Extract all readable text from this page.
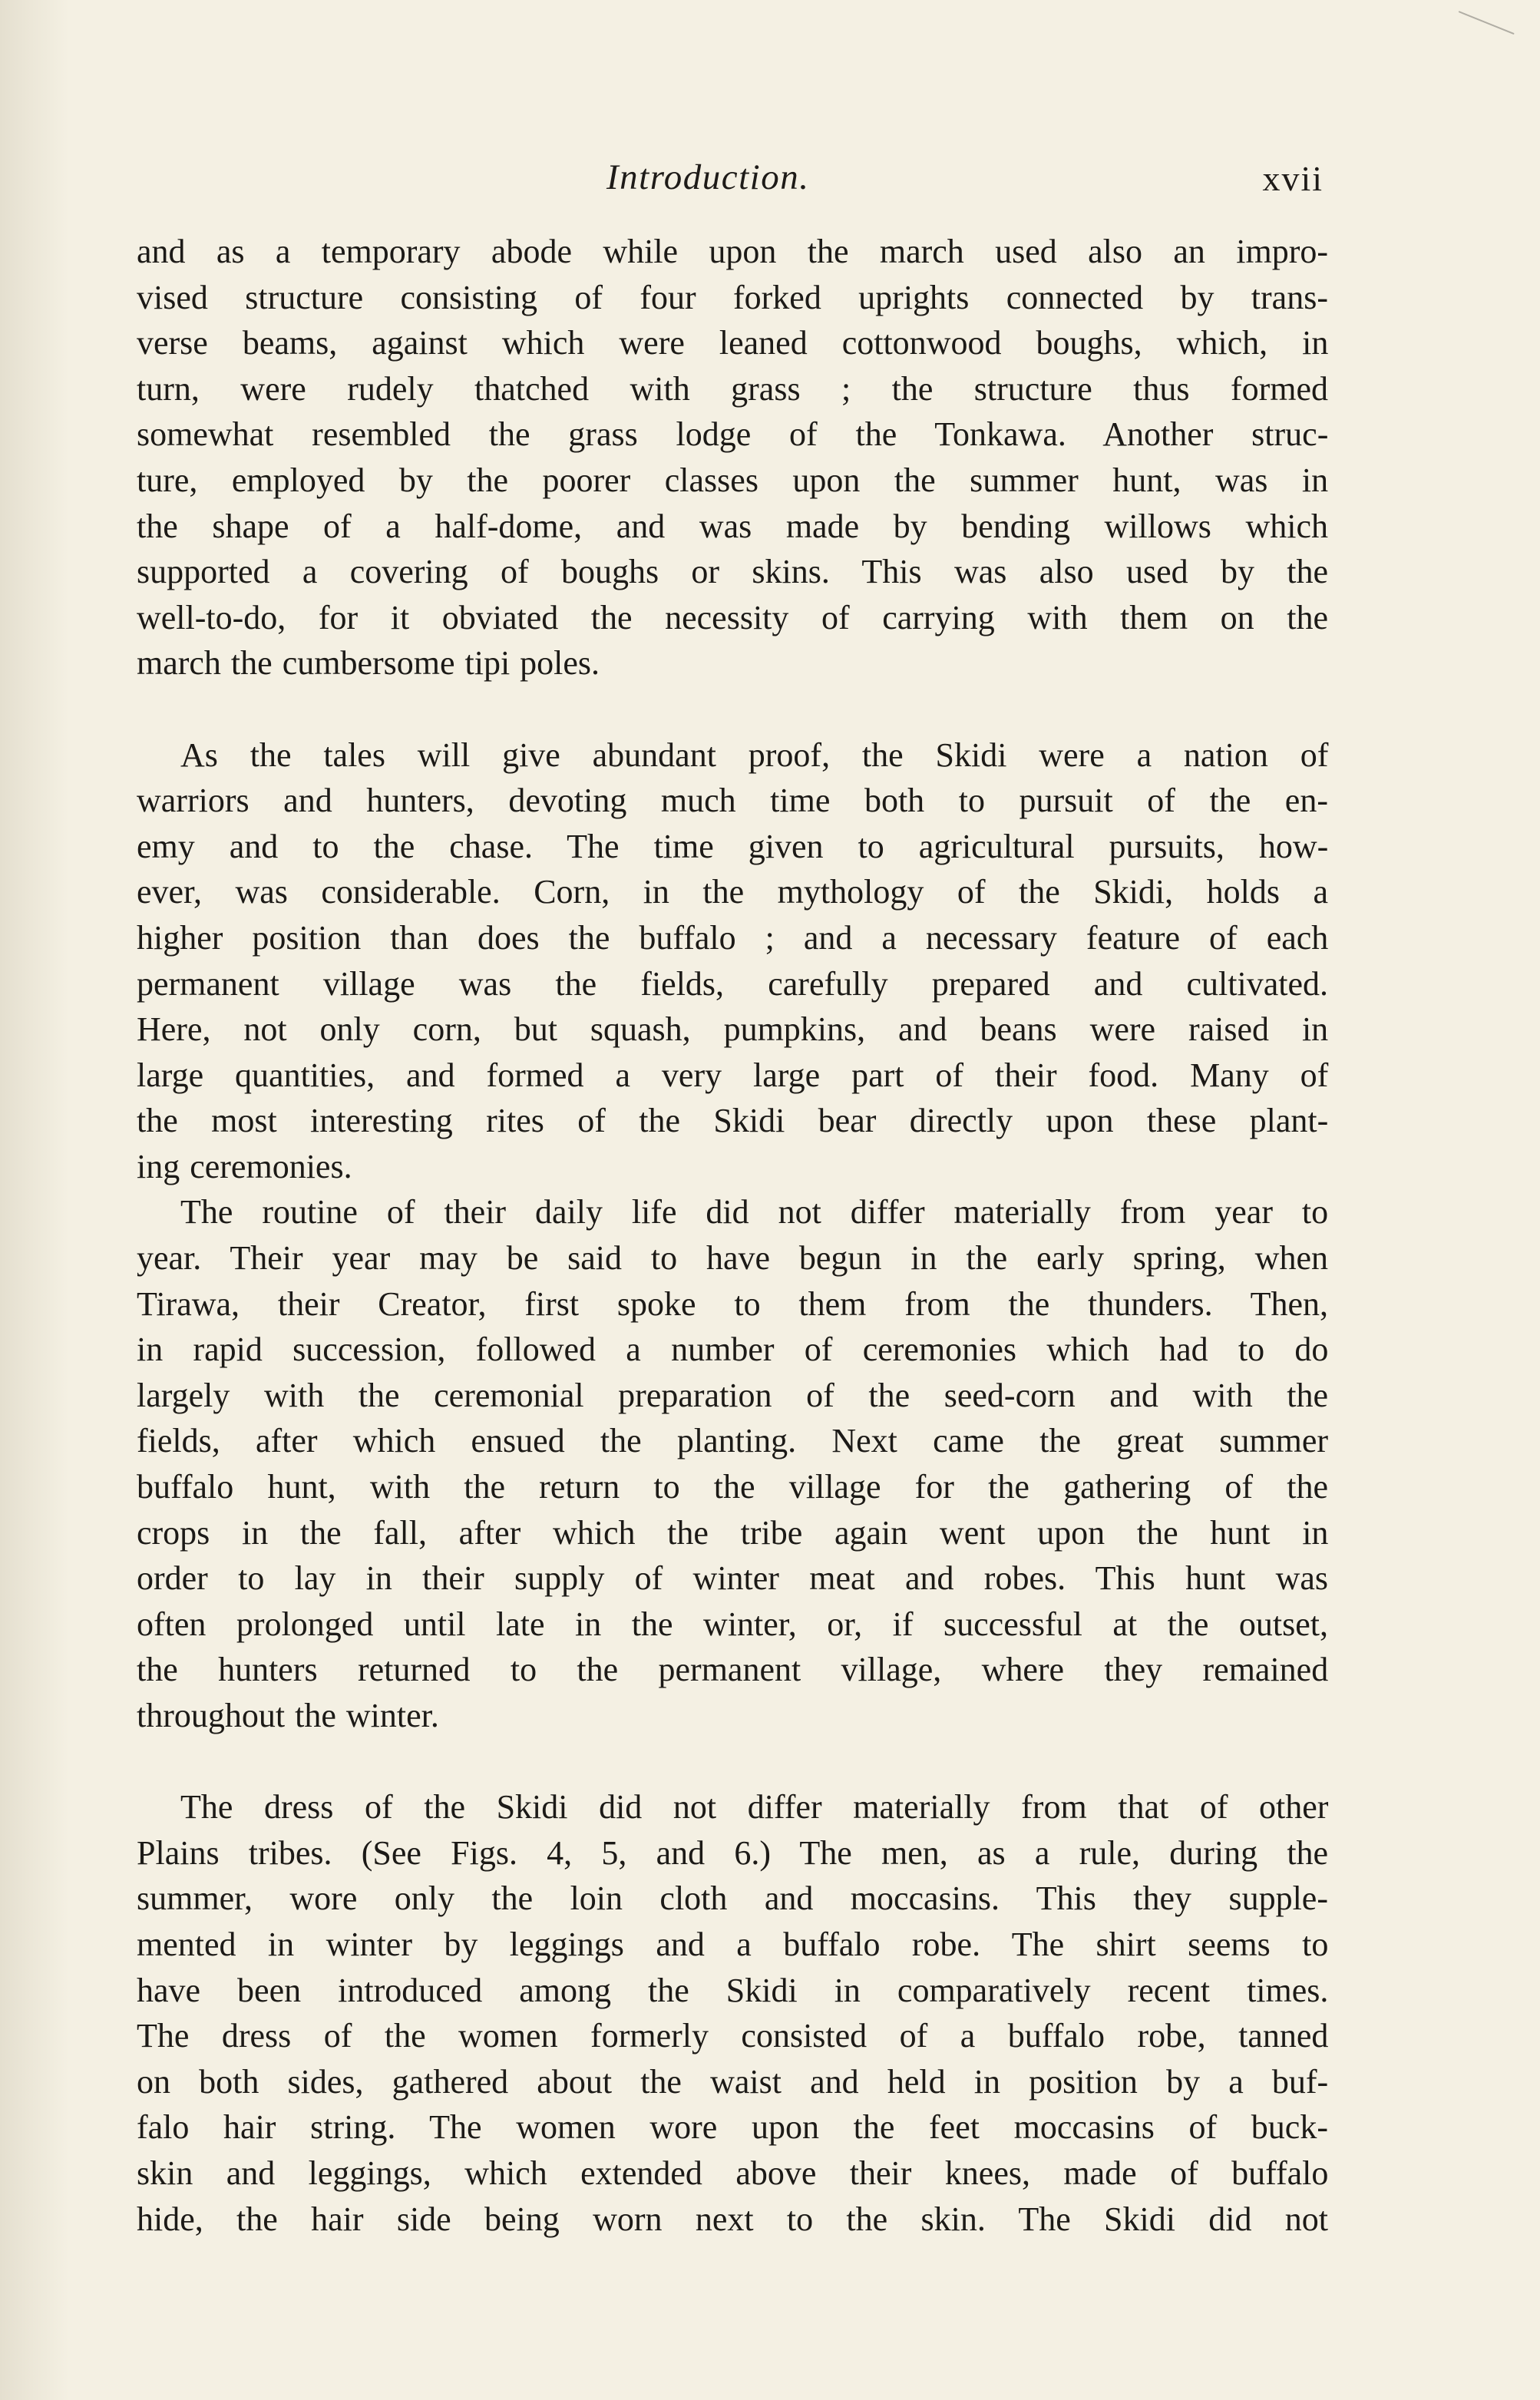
Introduction.	xvii

and as a temporary abode while upon the march used also an impro-
vised structure consisting of four forked uprights connected by trans-
verse beams, against which were leaned cottonwood boughs, which, in
turn, were rudely thatched with grass ; the structure thus formed
somewhat resembled the grass lodge of the Tonkawa. Another struc-
ture, employed by the poorer classes upon the summer hunt, was in
the shape of a half-dome, and was made by bending willows which
supported a covering of boughs or skins. This was also used by the
well-to-do, for it obviated the necessity of carrying with them on the
march the cumbersome tipi poles.

As the tales will give abundant proof, the Skidi were a nation of
warriors and hunters, devoting much time both to pursuit of the en-
emy and to the chase. The time given to agricultural pursuits, how-
ever, was considerable. Corn, in the mythology of the Skidi, holds a
higher position than does the buffalo ; and a necessary feature of each
permanent village was the fields, carefully prepared and cultivated.
Here, not only corn, but squash, pumpkins, and beans were raised in
large quantities, and formed a very large part of their food. Many of
the most interesting rites of the Skidi bear directly upon these plant-
ing ceremonies.

The routine of their daily life did not differ materially from year to
year. Their year may be said to have begun in the early spring, when
Tirawa, their Creator, first spoke to them from the thunders. Then,
in rapid succession, followed a number of ceremonies which had to do
largely with the ceremonial preparation of the seed-corn and with the
fields, after which ensued the planting. Next came the great summer
buffalo hunt, with the return to the village for the gathering of the
crops in the fall, after which the tribe again went upon the hunt in
order to lay in their supply of winter meat and robes. This hunt was
often prolonged until late in the winter, or, if successful at the outset,
the hunters returned to the permanent village, where they remained
throughout the winter.

The dress of the Skidi did not differ materially from that of other
Plains tribes. (See Figs. 4, 5, and 6.) The men, as a rule, during the
summer, wore only the loin cloth and moccasins. This they supple-
mented in winter by leggings and a buffalo robe. The shirt seems to
have been introduced among the Skidi in comparatively recent times.
The dress of the women formerly consisted of a buffalo robe, tanned
on both sides, gathered about the waist and held in position by a buf-
falo hair string. The women wore upon the feet moccasins of buck-
skin and leggings, which extended above their knees, made of buffalo
hide, the hair side being worn next to the skin. The Skidi did not
